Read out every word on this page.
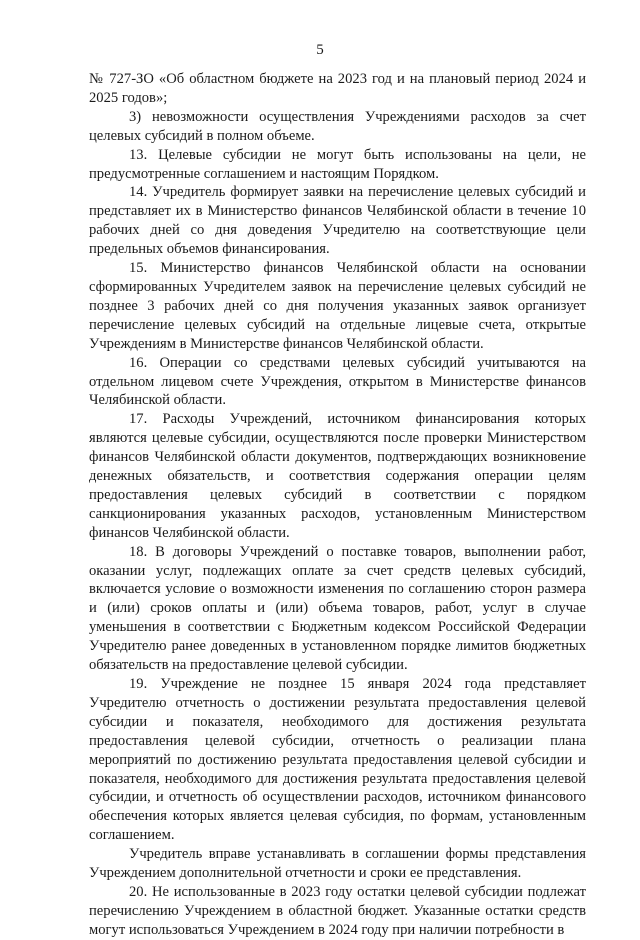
5

№ 727-ЗО «Об областном бюджете на 2023 год и на плановый период 2024 и 2025 годов»;

3) невозможности осуществления Учреждениями расходов за счет целевых субсидий в полном объеме.

13. Целевые субсидии не могут быть использованы на цели, не предусмотренные соглашением и настоящим Порядком.

14. Учредитель формирует заявки на перечисление целевых субсидий и представляет их в Министерство финансов Челябинской области в течение 10 рабочих дней со дня доведения Учредителю на соответствующие цели предельных объемов финансирования.

15. Министерство финансов Челябинской области на основании сформированных Учредителем заявок на перечисление целевых субсидий не позднее 3 рабочих дней со дня получения указанных заявок организует перечисление целевых субсидий на отдельные лицевые счета, открытые Учреждениям в Министерстве финансов Челябинской области.

16. Операции со средствами целевых субсидий учитываются на отдельном лицевом счете Учреждения, открытом в Министерстве финансов Челябинской области.

17. Расходы Учреждений, источником финансирования которых являются целевые субсидии, осуществляются после проверки Министерством финансов Челябинской области документов, подтверждающих возникновение денежных обязательств, и соответствия содержания операции целям предоставления целевых субсидий в соответствии с порядком санкционирования указанных расходов, установленным Министерством финансов Челябинской области.

18. В договоры Учреждений о поставке товаров, выполнении работ, оказании услуг, подлежащих оплате за счет средств целевых субсидий, включается условие о возможности изменения по соглашению сторон размера и (или) сроков оплаты и (или) объема товаров, работ, услуг в случае уменьшения в соответствии с Бюджетным кодексом Российской Федерации Учредителю ранее доведенных в установленном порядке лимитов бюджетных обязательств на предоставление целевой субсидии.

19. Учреждение не позднее 15 января 2024 года представляет Учредителю отчетность о достижении результата предоставления целевой субсидии и показателя, необходимого для достижения результата предоставления целевой субсидии, отчетность о реализации плана мероприятий по достижению результата предоставления целевой субсидии и показателя, необходимого для достижения результата предоставления целевой субсидии, и отчетность об осуществлении расходов, источником финансового обеспечения которых является целевая субсидия, по формам, установленным соглашением.

Учредитель вправе устанавливать в соглашении формы представления Учреждением дополнительной отчетности и сроки ее представления.

20. Не использованные в 2023 году остатки целевой субсидии подлежат перечислению Учреждением в областной бюджет. Указанные остатки средств могут использоваться Учреждением в 2024 году при наличии потребности в
